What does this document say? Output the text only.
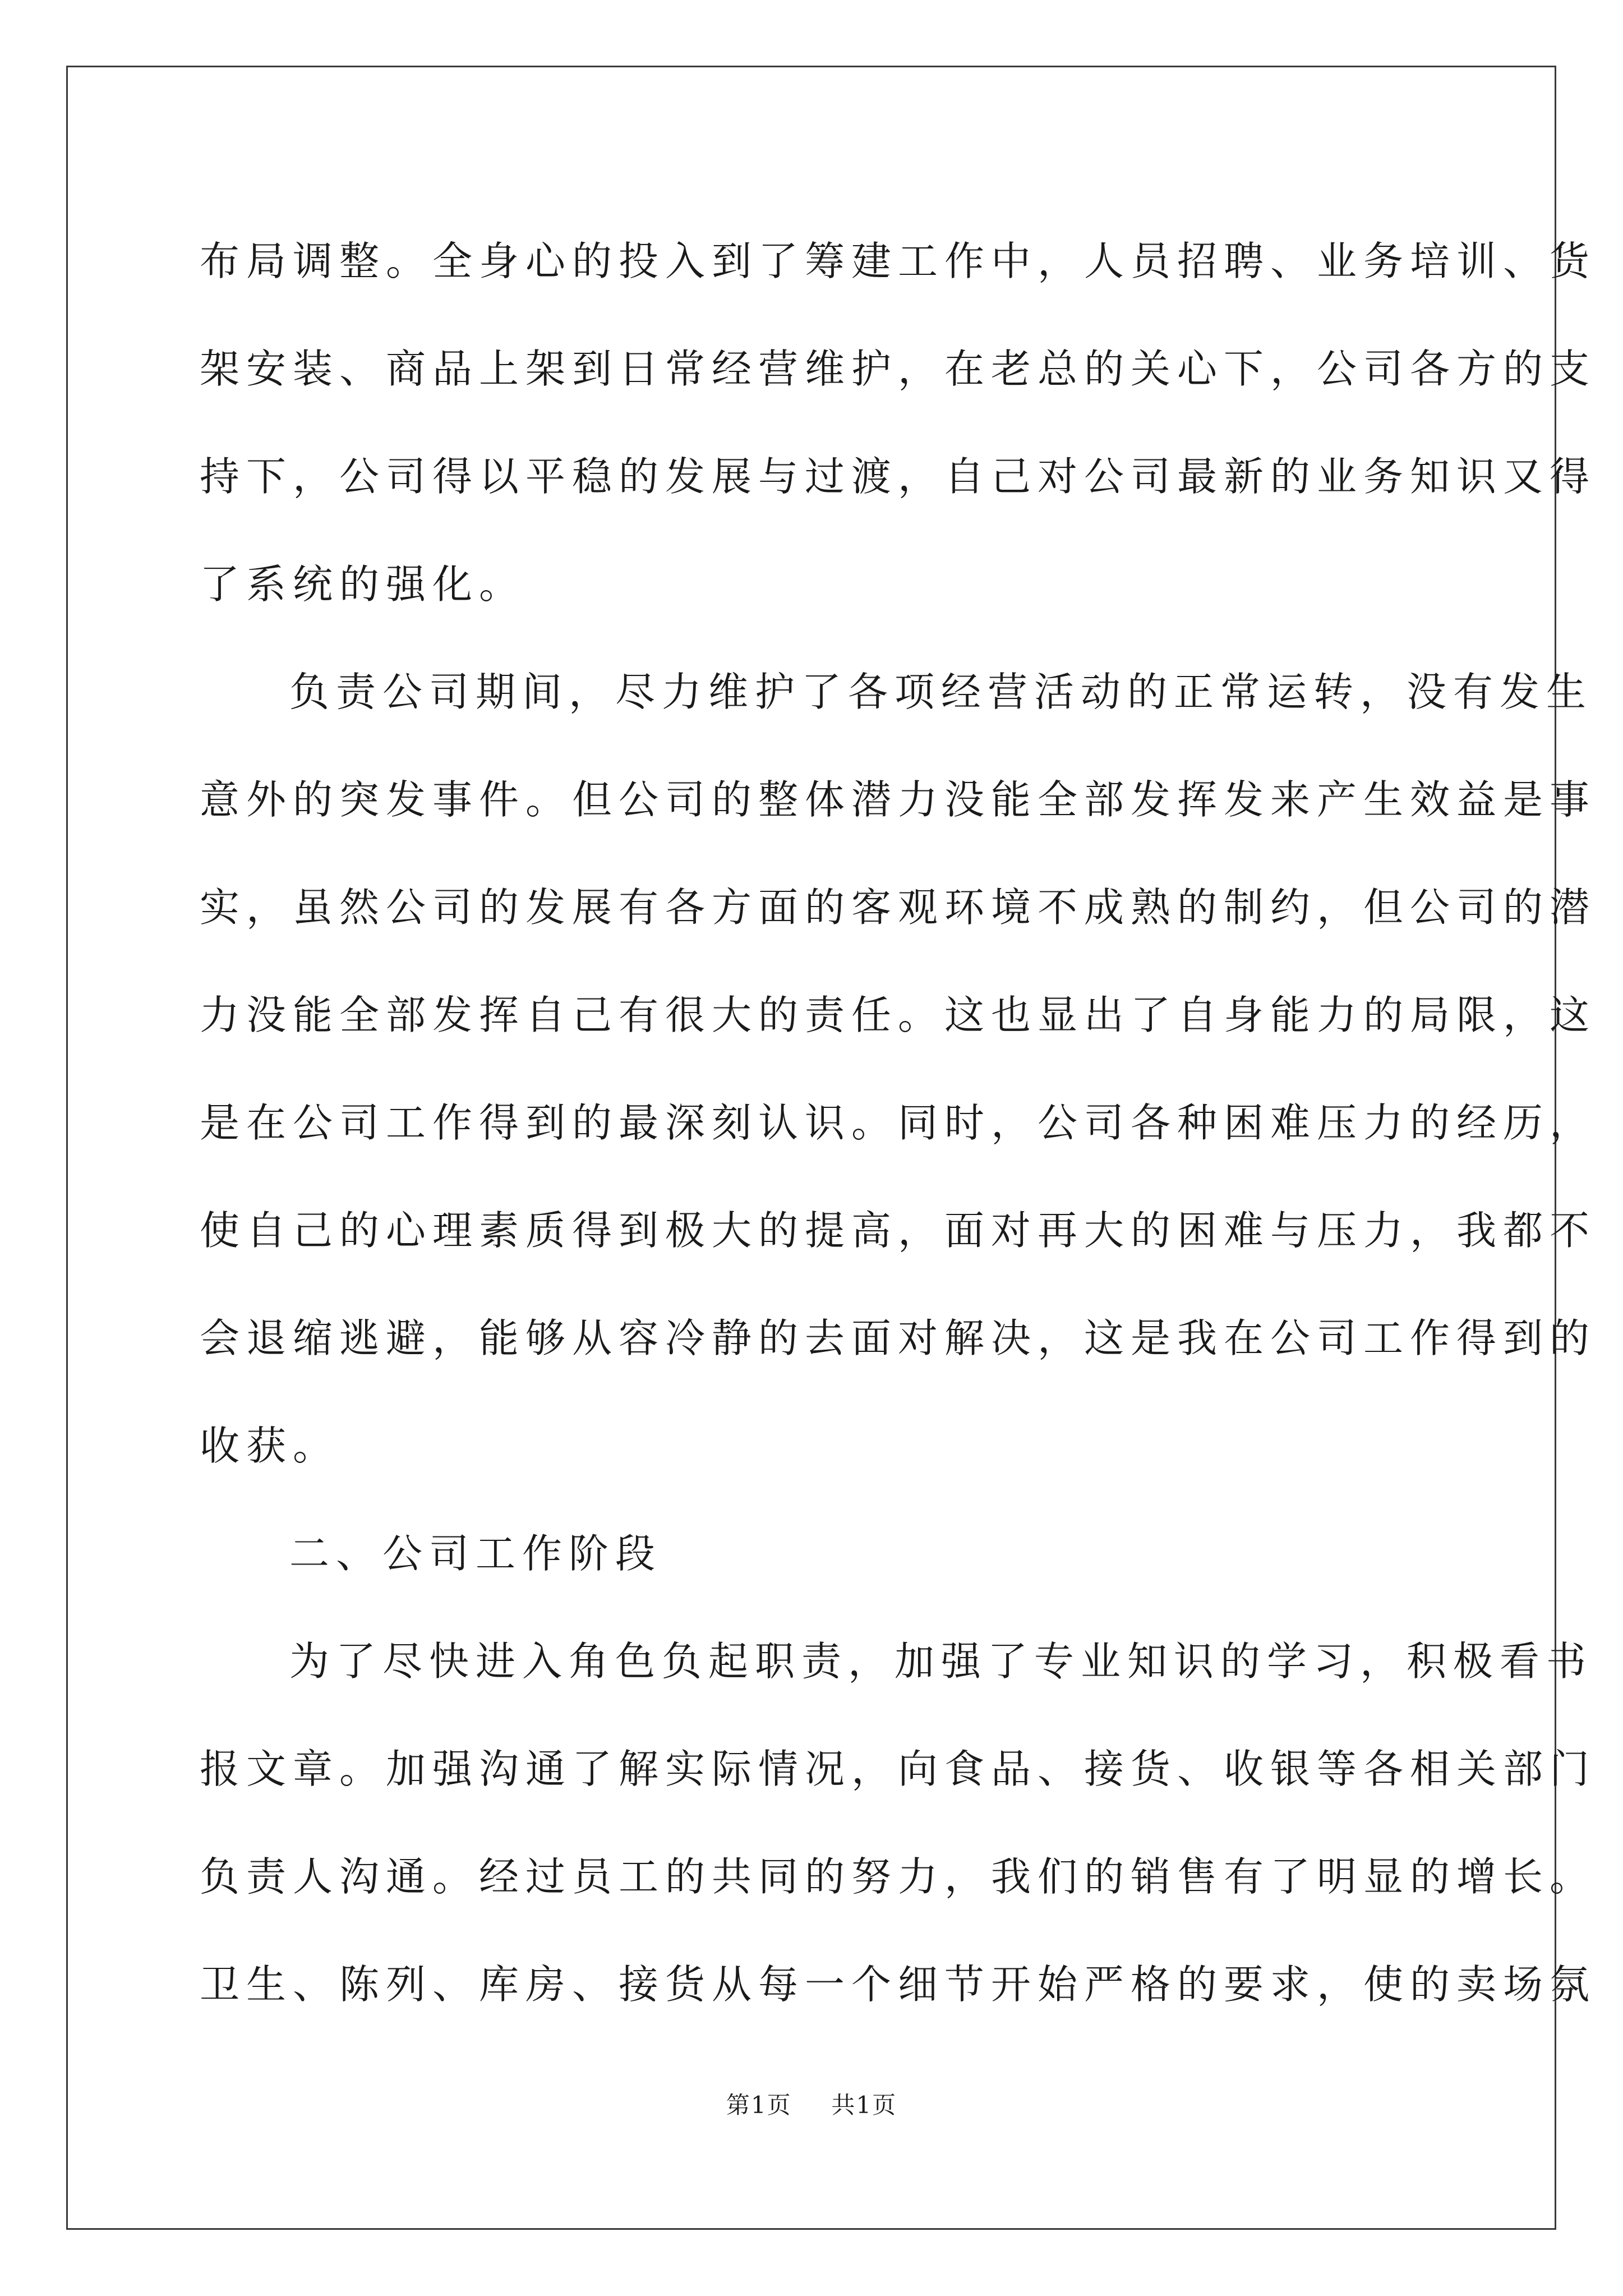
布局调整。全身心的投入到了筹建工作中，人员招聘、业务培训、货
架安装、商品上架到日常经营维护，在老总的关心下，公司各方的支
持下，公司得以平稳的发展与过渡，自己对公司最新的业务知识又得
了系统的强化。

负责公司期间，尽力维护了各项经营活动的正常运转，没有发生
意外的突发事件。但公司的整体潜力没能全部发挥发来产生效益是事
实，虽然公司的发展有各方面的客观环境不成熟的制约，但公司的潜
力没能全部发挥自己有很大的责任。这也显出了自身能力的局限，这
是在公司工作得到的最深刻认识。同时，公司各种困难压力的经历，
使自己的心理素质得到极大的提高，面对再大的困难与压力，我都不
会退缩逃避，能够从容冷静的去面对解决，这是我在公司工作得到的
收获。

二、公司工作阶段

为了尽快进入角色负起职责，加强了专业知识的学习，积极看书
报文章。加强沟通了解实际情况，向食品、接货、收银等各相关部门
负责人沟通。经过员工的共同的努力，我们的销售有了明显的增长。
卫生、陈列、库房、接货从每一个细节开始严格的要求，使的卖场氛

第1页 共1页
